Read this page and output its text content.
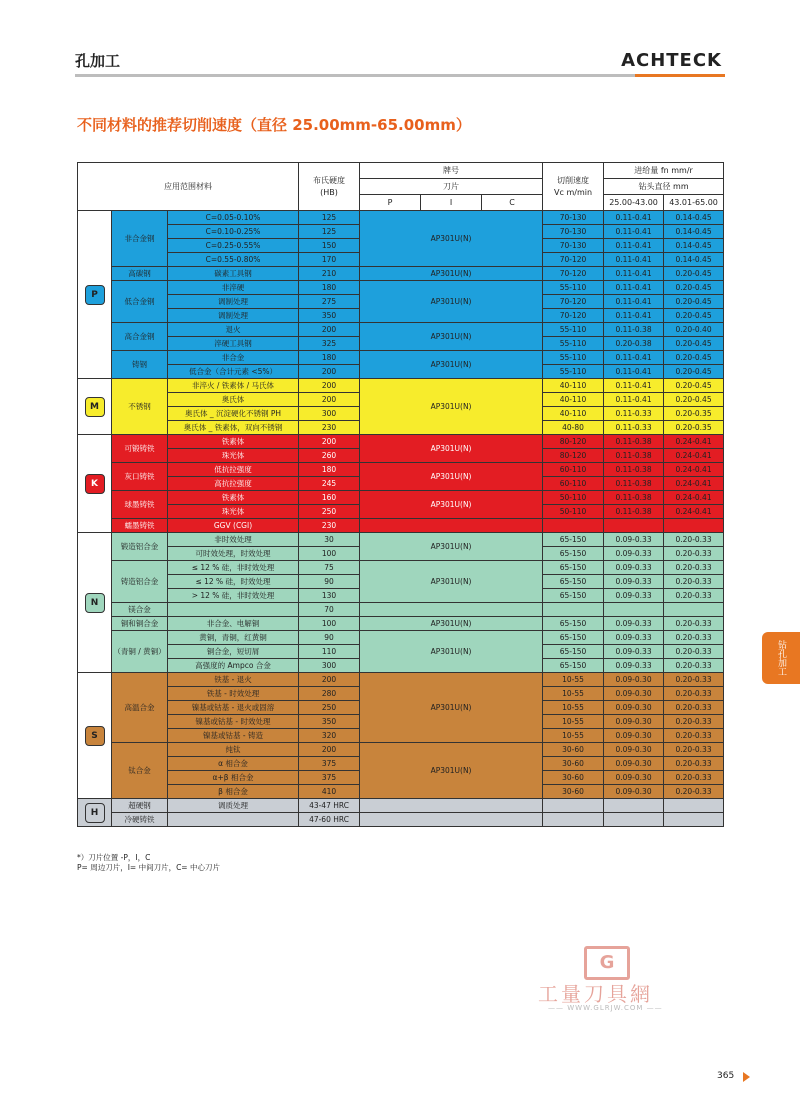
孔加工	ACHTECK
不同材料的推荐切削速度（直径 25.00mm-65.00mm）
应用范围材料			布氏硬度
(HB)	牌号			切削速度
Vc m/min	进给量 fn mm/r	
				刀片				钻头直径 mm	
				P	I	C		25.00-43.00	43.01-65.00
P	非合金钢	C=0.05-0.10%	125	AP301U(N)			70-130	0.11-0.41	0.14-0.45
		C=0.10-0.25%	125				70-130	0.11-0.41	0.14-0.45
		C=0.25-0.55%	150				70-130	0.11-0.41	0.14-0.45
		C=0.55-0.80%	170				70-120	0.11-0.41	0.14-0.45
	高碳钢	碳素工具钢	210	AP301U(N)			70-120	0.11-0.41	0.20-0.45
	低合金钢	非淬硬	180	AP301U(N)			55-110	0.11-0.41	0.20-0.45
		调制处理	275				70-120	0.11-0.41	0.20-0.45
		调制处理	350				70-120	0.11-0.41	0.20-0.45
	高合金钢	退火	200	AP301U(N)			55-110	0.11-0.38	0.20-0.40
		淬硬工具钢	325				55-110	0.20-0.38	0.20-0.45
	铸钢	非合金	180	AP301U(N)			55-110	0.11-0.41	0.20-0.45
		低合金（合计元素 <5%）	200				55-110	0.11-0.41	0.20-0.45
M	不锈钢	非淬火 / 铁素体 / 马氏体	200	AP301U(N)			40-110	0.11-0.41	0.20-0.45
		奥氏体	200				40-110	0.11-0.41	0.20-0.45
		奥氏体 _ 沉淀硬化不锈钢 PH	300				40-110	0.11-0.33	0.20-0.35
		奥氏体 _ 铁素体，双向不锈钢	230				40-80	0.11-0.33	0.20-0.35
K	可锻铸铁	铁素体	200	AP301U(N)			80-120	0.11-0.38	0.24-0.41
		珠光体	260				80-120	0.11-0.38	0.24-0.41
	灰口铸铁	低抗拉强度	180	AP301U(N)			60-110	0.11-0.38	0.24-0.41
		高抗拉强度	245				60-110	0.11-0.38	0.24-0.41
	球墨铸铁	铁素体	160	AP301U(N)			50-110	0.11-0.38	0.24-0.41
		珠光体	250				50-110	0.11-0.38	0.24-0.41
	蠕墨铸铁	GGV (CGI)	230						
N	锻造铝合金	非时效处理	30	AP301U(N)			65-150	0.09-0.33	0.20-0.33
		可时效处理，时效处理	100				65-150	0.09-0.33	0.20-0.33
	铸造铝合金	≤ 12 % 硅，非时效处理	75	AP301U(N)			65-150	0.09-0.33	0.20-0.33
		≤ 12 % 硅，时效处理	90				65-150	0.09-0.33	0.20-0.33
		> 12 % 硅，非时效处理	130				65-150	0.09-0.33	0.20-0.33
	镁合金		70						
	铜和铜合金	非合金、电解铜	100	AP301U(N)			65-150	0.09-0.33	0.20-0.33
	（青铜 / 黄铜）	黄铜，青铜，红黄铜	90	AP301U(N)			65-150	0.09-0.33	0.20-0.33
		铜合金，短切屑	110				65-150	0.09-0.33	0.20-0.33
		高强度的 Ampco 合金	300				65-150	0.09-0.33	0.20-0.33
S	高温合金	铁基 - 退火	200	AP301U(N)			10-55	0.09-0.30	0.20-0.33
		铁基 - 时效处理	280				10-55	0.09-0.30	0.20-0.33
		镍基或钴基 - 退火或固溶	250				10-55	0.09-0.30	0.20-0.33
		镍基或钴基 - 时效处理	350				10-55	0.09-0.30	0.20-0.33
		镍基或钴基 - 铸造	320				10-55	0.09-0.30	0.20-0.33
	钛合金	纯钛	200	AP301U(N)			30-60	0.09-0.30	0.20-0.33
		α 相合金	375				30-60	0.09-0.30	0.20-0.33
		α+β 相合金	375				30-60	0.09-0.30	0.20-0.33
		β 相合金	410				30-60	0.09-0.30	0.20-0.33
H	超硬钢	调质处理	43-47 HRC						
	冷硬铸铁		47-60 HRC						
*）刀片位置 -P，I，C
P= 周边刀片，I= 中间刀片，C= 中心刀片
钻孔加工
G
工量刀具網
—— WWW.GLRJW.COM ——
365
